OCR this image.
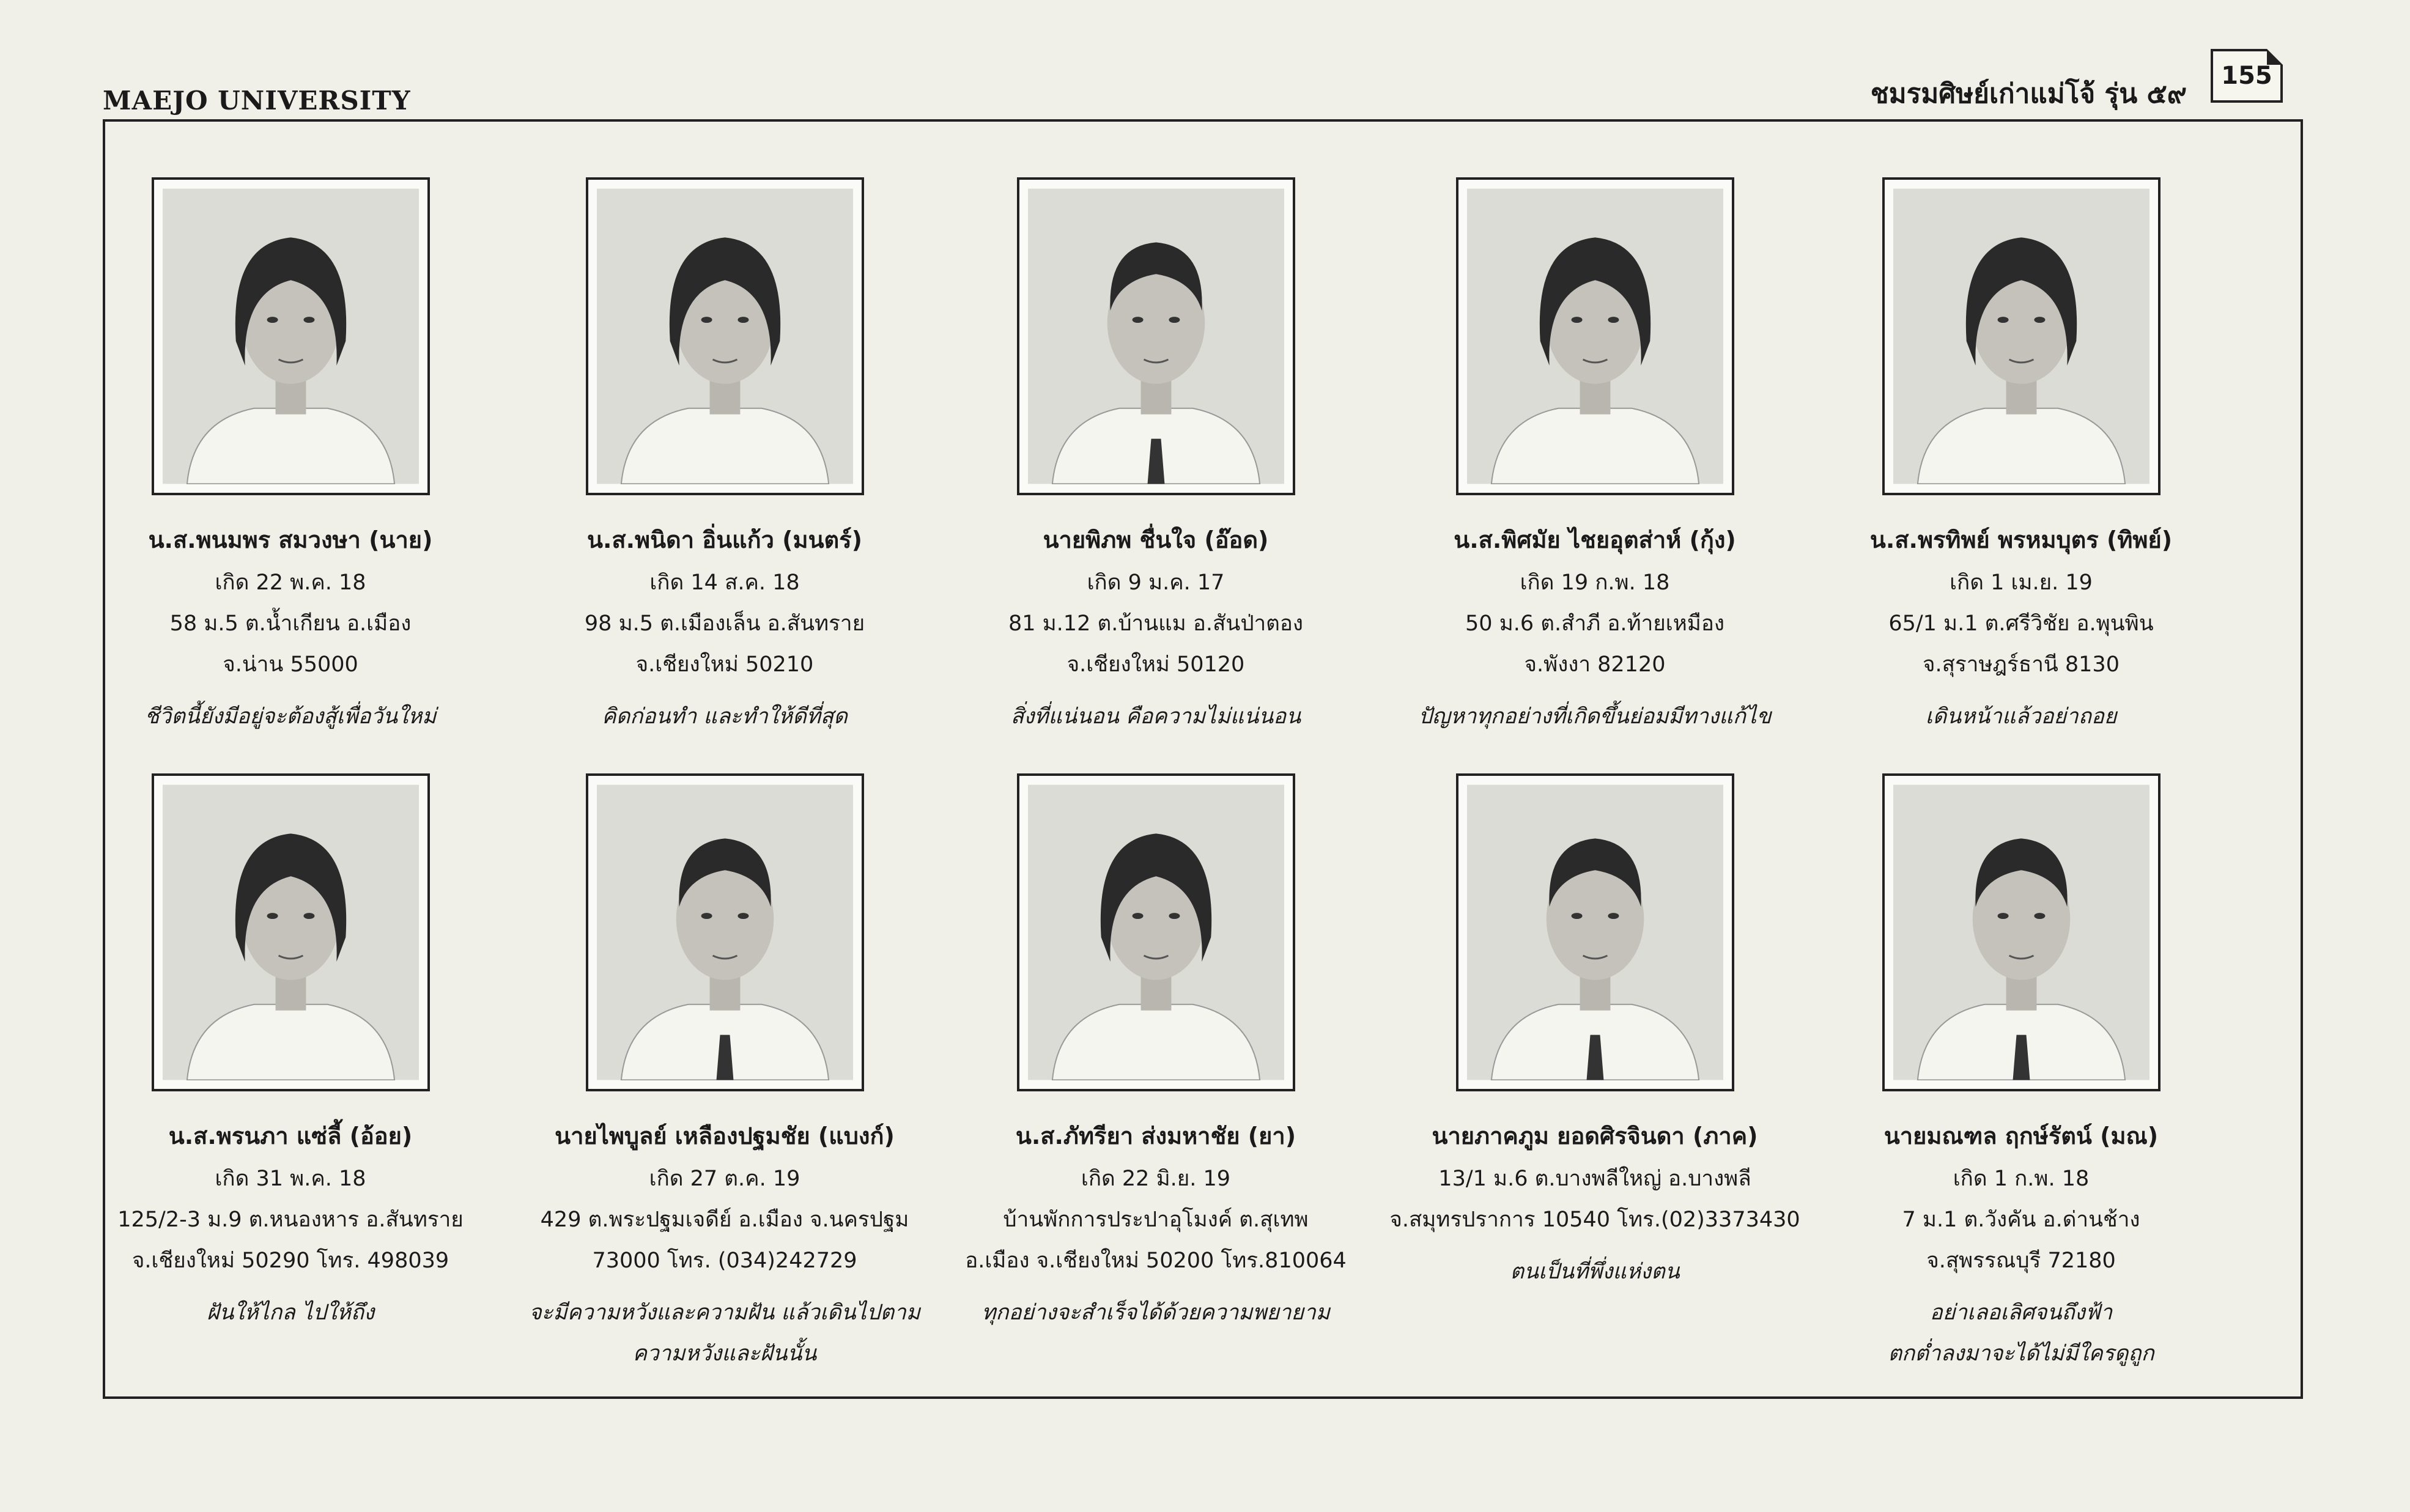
MAEJO UNIVERSITY	ชมรมศิษย์เก่าแม่โจ้ รุ่น ๕๙
155
น.ส.พนมพร สมวงษา (นาย)
เกิด 22 พ.ค. 18
58 ม.5 ต.น้ำเกียน อ.เมือง
จ.น่าน 55000
ชีวิตนี้ยังมีอยู่จะต้องสู้เพื่อวันใหม่
น.ส.พนิดา อิ่นแก้ว (มนตร์)
เกิด 14 ส.ค. 18
98 ม.5 ต.เมืองเล็น อ.สันทราย
จ.เชียงใหม่ 50210
คิดก่อนทำ และทำให้ดีที่สุด
นายพิภพ ชื่นใจ (อ๊อด)
เกิด 9 ม.ค. 17
81 ม.12 ต.บ้านแม อ.สันป่าตอง
จ.เชียงใหม่ 50120
สิ่งที่แน่นอน คือความไม่แน่นอน
น.ส.พิศมัย ไชยอุตส่าห์ (กุ้ง)
เกิด 19 ก.พ. 18
50 ม.6 ต.สำภี อ.ท้ายเหมือง
จ.พังงา 82120
ปัญหาทุกอย่างที่เกิดขึ้นย่อมมีทางแก้ไข
น.ส.พรทิพย์ พรหมบุตร (ทิพย์)
เกิด 1 เม.ย. 19
65/1 ม.1 ต.ศรีวิชัย อ.พุนพิน
จ.สุราษฎร์ธานี 8130
เดินหน้าแล้วอย่าถอย
น.ส.พรนภา แซ่ลี้ (อ้อย)
เกิด 31 พ.ค. 18
125/2-3 ม.9 ต.หนองหาร อ.สันทราย
จ.เชียงใหม่ 50290 โทร. 498039
ฝันให้ไกล ไปให้ถึง
นายไพบูลย์ เหลืองปฐมชัย (แบงก์)
เกิด 27 ต.ค. 19
429 ต.พระปฐมเจดีย์ อ.เมือง จ.นครปฐม
73000 โทร. (034)242729
จะมีความหวังและความฝัน แล้วเดินไปตาม
ความหวังและฝันนั้น
น.ส.ภัทรียา ส่งมหาชัย (ยา)
เกิด 22 มิ.ย. 19
บ้านพักการประปาอุโมงค์ ต.สุเทพ
อ.เมือง จ.เชียงใหม่ 50200 โทร.810064
ทุกอย่างจะสำเร็จได้ด้วยความพยายาม
นายภาคภูม ยอดศิรจินดา (ภาค)
13/1 ม.6 ต.บางพลีใหญ่ อ.บางพลี
จ.สมุทรปราการ 10540 โทร.(02)3373430
ตนเป็นที่พึ่งแห่งตน
นายมณฑล ฤกษ์รัตน์ (มณ)
เกิด 1 ก.พ. 18
7 ม.1 ต.วังคัน อ.ด่านช้าง
จ.สุพรรณบุรี 72180
อย่าเลอเลิศจนถึงฟ้า
ตกต่ำลงมาจะได้ไม่มีใครดูถูก
